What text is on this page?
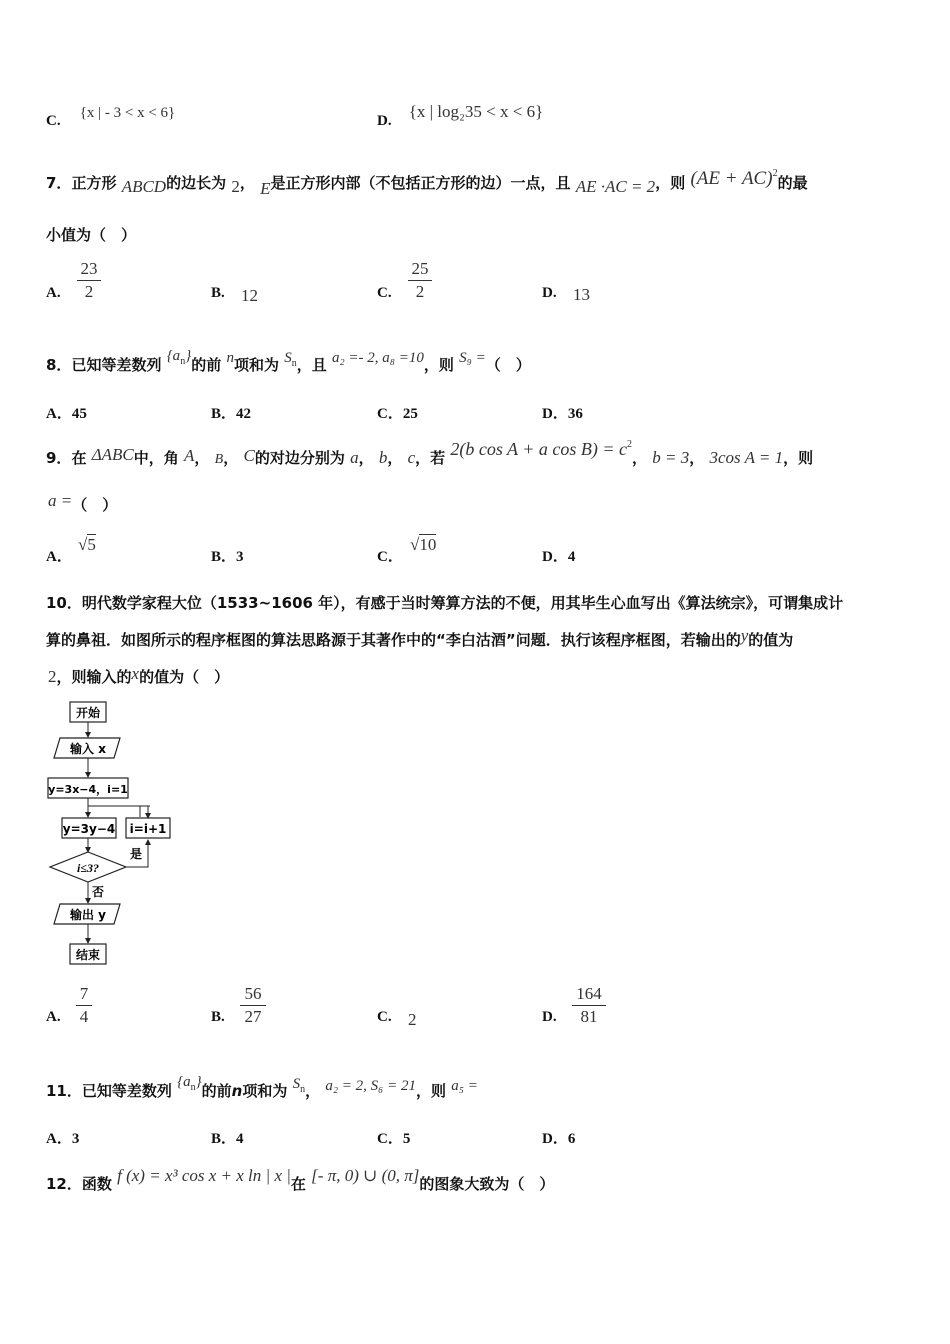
C. {x | - 3 < x < 6}	D. {x | log₂35 < x < 6}
7．正方形 ABCD的边长为 2， E是正方形内部（不包括正方形的边）一点，且 AE ·AC = 2，则 (AE + AC)$^2$的最
小值为（　）
A.
23
2	B. 12	C.
25
2	D. 13
8．已知等差数列 $\{a_n\}$的前 n项和为 $S_n$，且 a₂ =- 2, a₈ =10，则 S₉ =（　）
A．45	B．42	C．25	D．36
9．在 ΔABC中，角 A， B， C的对边分别为 a， b， c，若 2(b cos A + a $\cos B) = c^2$， b = 3， 3cos A = 1，则
a =（　）
A．
√5
B．3	C．
√10
D．4
10．明代数学家程大位（1533~1606 年），有感于当时筹算方法的不便，用其毕生心血写出《算法统宗》，可谓集成计
算的鼻祖．如图所示的程序框图的算法思路源于其著作中的“李白沽酒”问题．执行该程序框图，若输出的y的值为
2，则输入的x的值为（　）
开始
输入 x
y=3x−4，i=1
y=3y−4 i=i+1
i≤3?
是
否
输出 y
结束
A.
7
4	B.
56
27	C. 2	D.
164
81
11．已知等差数列 $\{a_n\}$的前n项和为 $S_n$， a₂ = 2, S₆ = 21，则 a₅ =
A．3	B．4	C．5	D．6
12．函数 f (x) = x³ cos x + x ln | x |在 [- π, 0) ∪ (0, π]的图象大致为（　）
